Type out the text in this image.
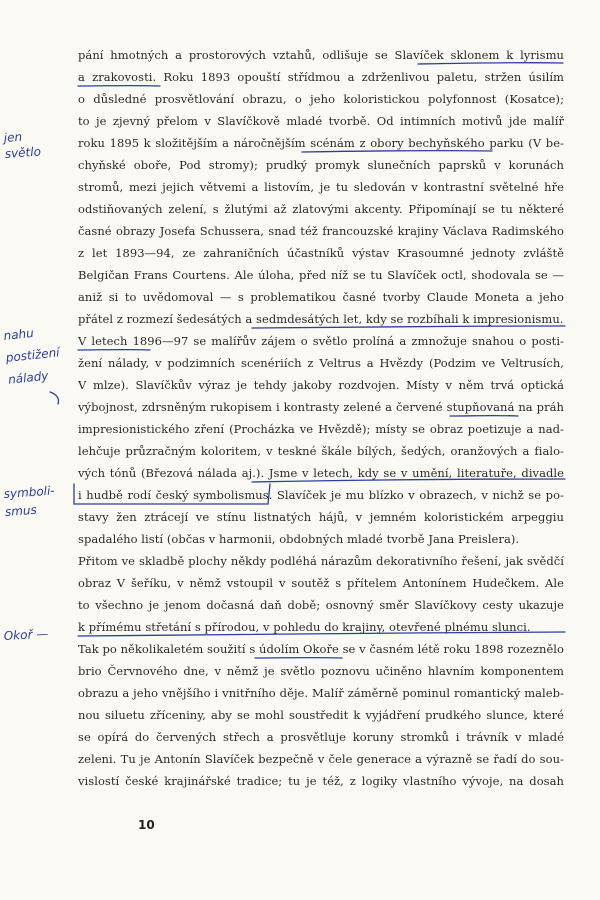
pání hmotných a prostorových vztahů, odlišuje se Slavíček sklonem k lyrismu
a zrakovosti. Roku 1893 opouští střídmou a zdrženlivou paletu, stržen úsilím
o důsledné prosvětlování obrazu, o jeho koloristickou polyfonnost (Kosatce);
to je zjevný přelom v Slavíčkově mladé tvorbě. Od intimních motivů jde malíř
roku 1895 k složitějším a náročnějším scénám z obory bechyňského parku (V be-
chyňské oboře, Pod stromy); prudký promyk slunečních paprsků v korunách
stromů, mezi jejich větvemi a listovím, je tu sledován v kontrastní světelné hře
odstiňovaných zelení, s žlutými až zlatovými akcenty. Připomínají se tu některé
časné obrazy Josefa Schussera, snad též francouzské krajiny Václava Radimského
z let 1893—94, ze zahraničních účastníků výstav Krasoumné jednoty zvláště
Belgičan Frans Courtens. Ale úloha, před níž se tu Slavíček octl, shodovala se —
aniž si to uvědomoval — s problematikou časné tvorby Claude Moneta a jeho
přátel z rozmezí šedesátých a sedmdesátých let, kdy se rozbíhali k impresionismu.
V letech 1896—97 se malířův zájem o světlo prolíná a zmnožuje snahou o posti-
žení nálady, v podzimních scenériích z Veltrus a Hvězdy (Podzim ve Veltrusích,
V mlze). Slavíčkův výraz je tehdy jakoby rozdvojen. Místy v něm trvá optická
výbojnost, zdrsněným rukopisem i kontrasty zelené a červené stupňovaná na práh
impresionistického zření (Procházka ve Hvězdě); místy se obraz poetizuje a nad-
lehčuje průzračným koloritem, v teskné škále bílých, šedých, oranžových a fialo-
vých tónů (Březová nálada aj.). Jsme v letech, kdy se v umění, literatuře, divadle
i hudbě rodí český symbolismus. Slavíček je mu blízko v obrazech, v nichž se po-
stavy žen ztrácejí ve stínu listnatých hájů, v jemném koloristickém arpeggiu
spadalého listí (občas v harmonii, obdobných mladé tvorbě Jana Preislera).
Přitom ve skladbě plochy někdy podléhá nárazům dekorativního řešení, jak svědčí
obraz V šeříku, v němž vstoupil v soutěž s přítelem Antonínem Hudečkem. Ale
to všechno je jenom dočasná daň době; osnovný směr Slavíčkovy cesty ukazuje
k přímému střetání s přírodou, v pohledu do krajiny, otevřené plnému slunci.
Tak po několikaletém soužití s údolím Okoře se v časném létě roku 1898 rozeznělo
brio Červnového dne, v němž je světlo poznovu učiněno hlavním komponentem
obrazu a jeho vnějšího i vnitřního děje. Malíř záměrně pominul romantický maleb-
nou siluetu zříceniny, aby se mohl soustředit k vyjádření prudkého slunce, které
se opírá do červených střech a prosvětluje koruny stromků i trávník v mladé
zeleni. Tu je Antonín Slavíček bezpečně v čele generace a výrazně se řadí do sou-
vislostí české krajinářské tradice; tu je též, z logiky vlastního vývoje, na dosah
10
jensvětlo
nahupostiženínálady
symboli-smus
Okoř —
